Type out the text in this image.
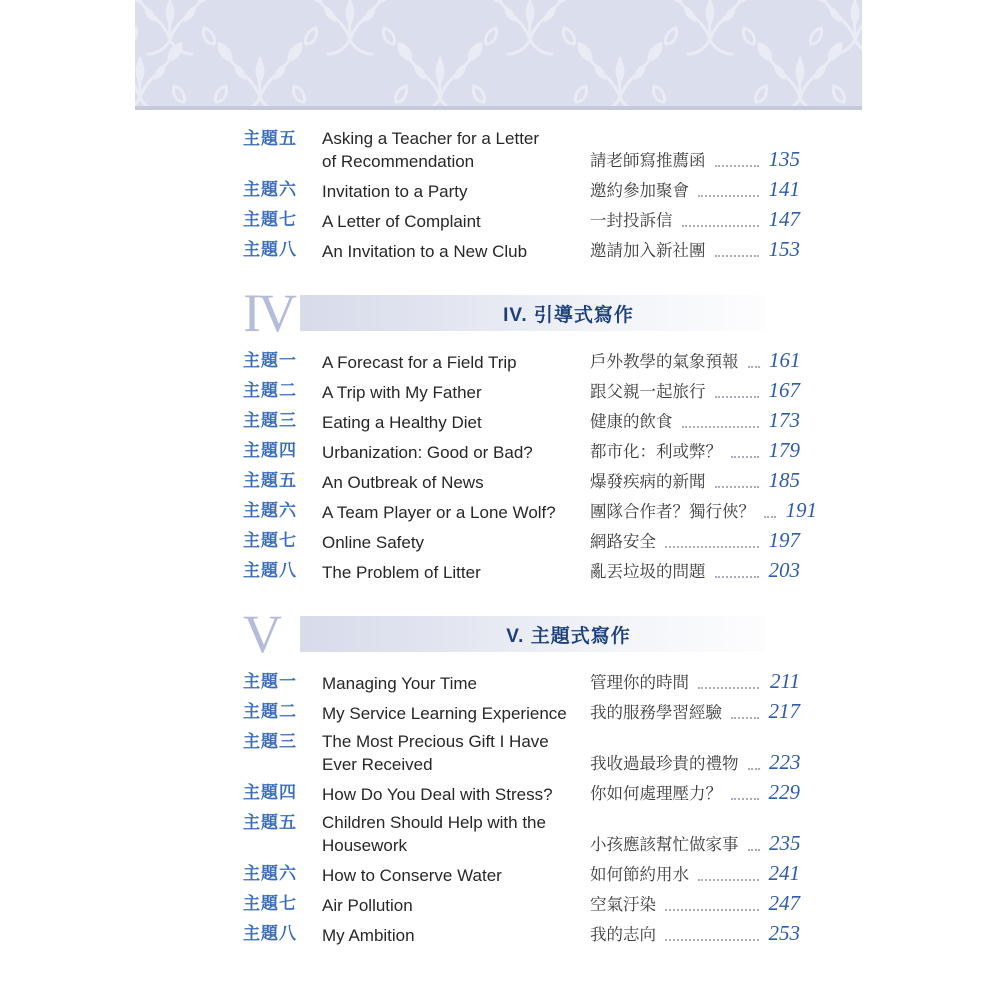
主題五	Asking a Teacher for a Letter
of Recommendation	請老師寫推薦函	135
主題六	Invitation to a Party	邀約參加聚會	141
主題七	A Letter of Complaint	一封投訴信	147
主題八	An Invitation to a New Club	邀請加入新社團	153
IV	IV. 引導式寫作
主題一	A Forecast for a Field Trip	戶外教學的氣象預報 161
主題二	A Trip with My Father	跟父親一起旅行	167
主題三	Eating a Healthy Diet	健康的飲食	173
主題四	Urbanization: Good or Bad?	都市化：利或弊？ 179
主題五	An Outbreak of News	爆發疾病的新聞	185
主題六	A Team Player or a Lone Wolf?	團隊合作者？獨行俠？ 191
主題七	Online Safety	網路安全	197
主題八	The Problem of Litter	亂丟垃圾的問題	203
V	V. 主題式寫作
主題一	Managing Your Time	管理你的時間	211
主題二	My Service Learning Experience	我的服務學習經驗 217
主題三	The Most Precious Gift I Have
Ever Received	我收過最珍貴的禮物 223
主題四	How Do You Deal with Stress?	你如何處理壓力？ 229
主題五	Children Should Help with the
Housework	小孩應該幫忙做家事 235
主題六	How to Conserve Water	如何節約用水	241
主題七	Air Pollution	空氣汙染	247
主題八	My Ambition	我的志向	253
